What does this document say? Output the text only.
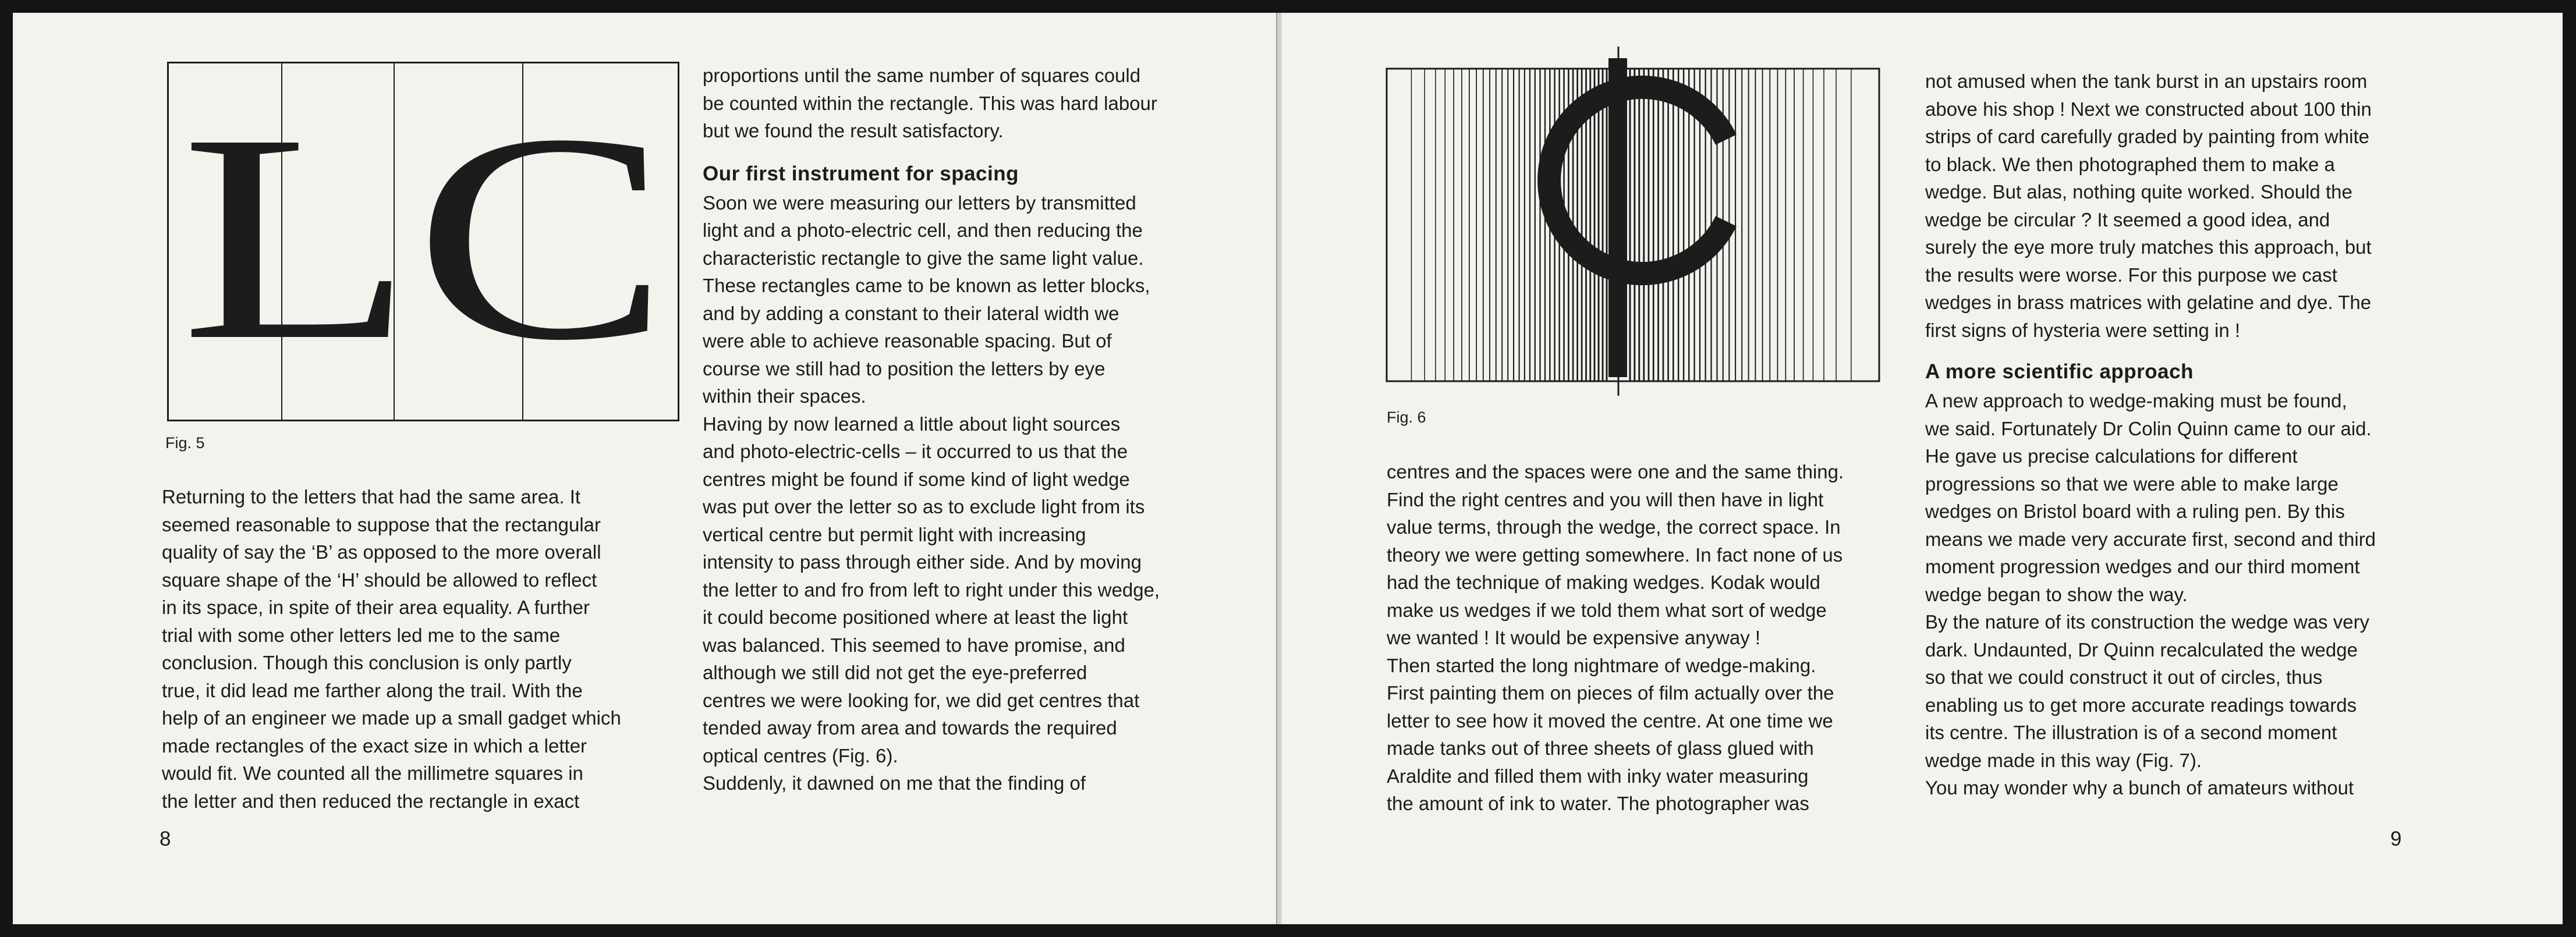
LC
Fig. 5

Returning to the letters that had the same area. It

seemed reasonable to suppose that the rectangular

quality of say the ‘B’ as opposed to the more overall

square shape of the ‘H’ should be allowed to reflect

in its space, in spite of their area equality. A further

trial with some other letters led me to the same

conclusion. Though this conclusion is only partly

true, it did lead me farther along the trail. With the

help of an engineer we made up a small gadget which

made rectangles of the exact size in which a letter

would fit. We counted all the millimetre squares in

the letter and then reduced the rectangle in exact

proportions until the same number of squares could

be counted within the rectangle. This was hard labour

but we found the result satisfactory.

Our first instrument for spacing

Soon we were measuring our letters by transmitted

light and a photo-electric cell, and then reducing the

characteristic rectangle to give the same light value.

These rectangles came to be known as letter blocks,

and by adding a constant to their lateral width we

were able to achieve reasonable spacing. But of

course we still had to position the letters by eye

within their spaces.

Having by now learned a little about light sources

and photo-electric-cells – it occurred to us that the

centres might be found if some kind of light wedge

was put over the letter so as to exclude light from its

vertical centre but permit light with increasing

intensity to pass through either side. And by moving

the letter to and fro from left to right under this wedge,

it could become positioned where at least the light

was balanced. This seemed to have promise, and

although we still did not get the eye-preferred

centres we were looking for, we did get centres that

tended away from area and towards the required

optical centres (Fig. 6).

Suddenly, it dawned on me that the finding of

8
Fig. 6

centres and the spaces were one and the same thing.

Find the right centres and you will then have in light

value terms, through the wedge, the correct space. In

theory we were getting somewhere. In fact none of us

had the technique of making wedges. Kodak would

make us wedges if we told them what sort of wedge

we wanted ! It would be expensive anyway !

Then started the long nightmare of wedge-making.

First painting them on pieces of film actually over the

letter to see how it moved the centre. At one time we

made tanks out of three sheets of glass glued with

Araldite and filled them with inky water measuring

the amount of ink to water. The photographer was

not amused when the tank burst in an upstairs room

above his shop ! Next we constructed about 100 thin

strips of card carefully graded by painting from white

to black. We then photographed them to make a

wedge. But alas, nothing quite worked. Should the

wedge be circular ? It seemed a good idea, and

surely the eye more truly matches this approach, but

the results were worse. For this purpose we cast

wedges in brass matrices with gelatine and dye. The

first signs of hysteria were setting in !

A more scientific approach

A new approach to wedge-making must be found,

we said. Fortunately Dr Colin Quinn came to our aid.

He gave us precise calculations for different

progressions so that we were able to make large

wedges on Bristol board with a ruling pen. By this

means we made very accurate first, second and third

moment progression wedges and our third moment

wedge began to show the way.

By the nature of its construction the wedge was very

dark. Undaunted, Dr Quinn recalculated the wedge

so that we could construct it out of circles, thus

enabling us to get more accurate readings towards

its centre. The illustration is of a second moment

wedge made in this way (Fig. 7).

You may wonder why a bunch of amateurs without

9
